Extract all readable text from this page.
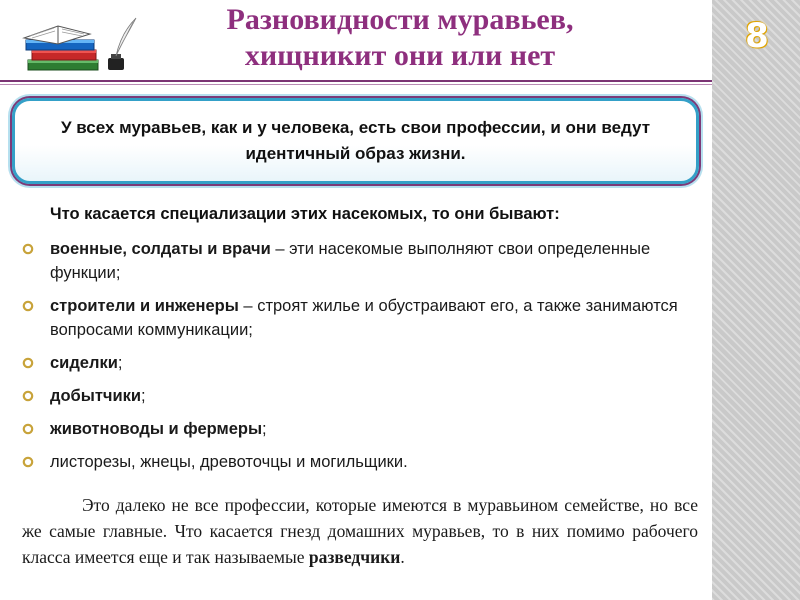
8
Разновидности муравьев,
хищникит они или нет
У всех муравьев, как и у человека, есть свои профессии, и они ведут идентичный образ жизни.
Что касается специализации этих насекомых, то они бывают:
военные, солдаты и врачи – эти насекомые выполняют свои определенные функции;
строители и инженеры – строят жилье и обустраивают его, а также занимаются вопросами коммуникации;
сиделки;
добытчики;
животноводы и фермеры;
листорезы, жнецы, древоточцы и могильщики.
Это далеко не все профессии, которые имеются в муравьином семействе, но все же самые главные. Что касается гнезд домашних муравьев, то в них помимо рабочего класса имеется еще и так называемые разведчики.
